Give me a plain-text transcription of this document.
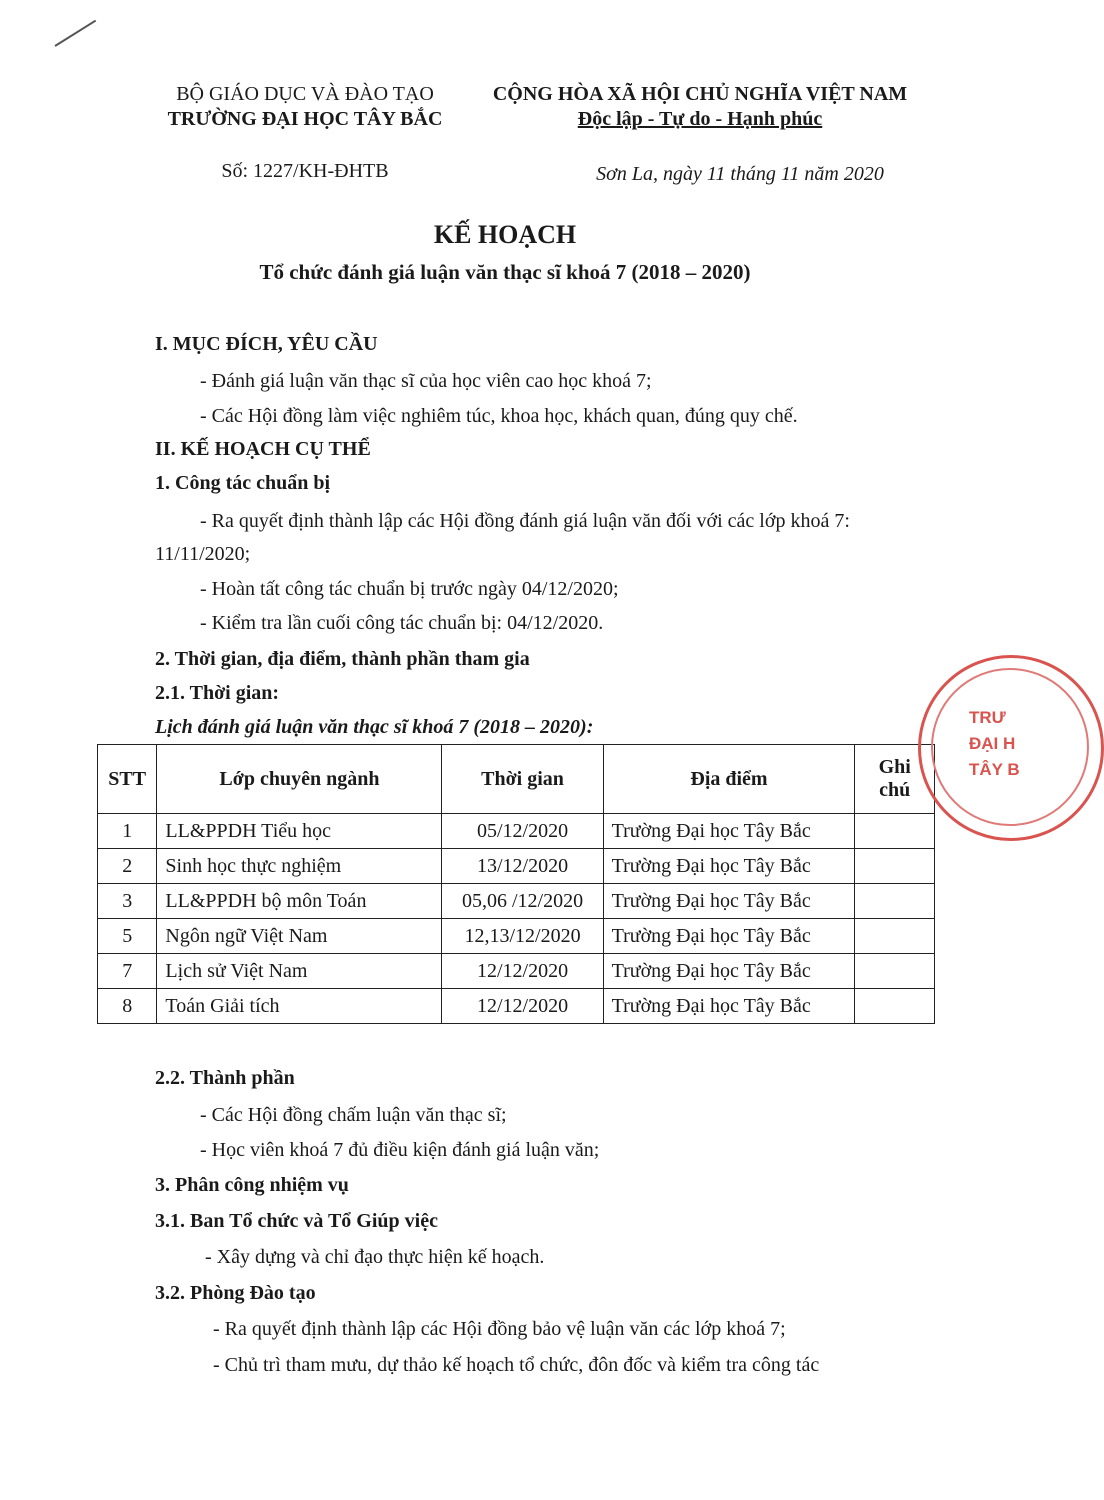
BỘ GIÁO DỤC VÀ ĐÀO TẠO
TRƯỜNG ĐẠI HỌC TÂY BẮC
CỘNG HÒA XÃ HỘI CHỦ NGHĨA VIỆT NAM
Độc lập - Tự do - Hạnh phúc
Số: 1227/KH-ĐHTB	Sơn La, ngày 11 tháng 11 năm 2020
KẾ HOẠCH
Tổ chức đánh giá luận văn thạc sĩ khoá 7 (2018 – 2020)
I. MỤC ĐÍCH, YÊU CẦU
- Đánh giá luận văn thạc sĩ của học viên cao học khoá 7;
- Các Hội đồng làm việc nghiêm túc, khoa học, khách quan, đúng quy chế.
II. KẾ HOẠCH CỤ THỂ
1. Công tác chuẩn bị
- Ra quyết định thành lập các Hội đồng đánh giá luận văn đối với các lớp khoá 7:
11/11/2020;
- Hoàn tất công tác chuẩn bị trước ngày 04/12/2020;
- Kiểm tra lần cuối công tác chuẩn bị: 04/12/2020.
2. Thời gian, địa điểm, thành phần tham gia
2.1. Thời gian:
Lịch đánh giá luận văn thạc sĩ khoá 7 (2018 – 2020):
STT	Lớp chuyên ngành	Thời gian	Địa điểm	Ghi
chú

1	LL&PPDH Tiểu học	05/12/2020	Trường Đại học Tây Bắc	
2	Sinh học thực nghiệm	13/12/2020	Trường Đại học Tây Bắc	
3	LL&PPDH bộ môn Toán	05,06 /12/2020	Trường Đại học Tây Bắc	
5	Ngôn ngữ Việt Nam	12,13/12/2020	Trường Đại học Tây Bắc	
7	Lịch sử Việt Nam	12/12/2020	Trường Đại học Tây Bắc	
8	Toán Giải tích	12/12/2020	Trường Đại học Tây Bắc	
TRƯ
ĐẠI H
TÂY B
2.2. Thành phần
- Các Hội đồng chấm luận văn thạc sĩ;
- Học viên khoá 7 đủ điều kiện đánh giá luận văn;
3. Phân công nhiệm vụ
3.1. Ban Tổ chức và Tổ Giúp việc
- Xây dựng và chỉ đạo thực hiện kế hoạch.
3.2. Phòng Đào tạo
- Ra quyết định thành lập các Hội đồng bảo vệ luận văn các lớp khoá 7;
- Chủ trì tham mưu, dự thảo kế hoạch tổ chức, đôn đốc và kiểm tra công tác
